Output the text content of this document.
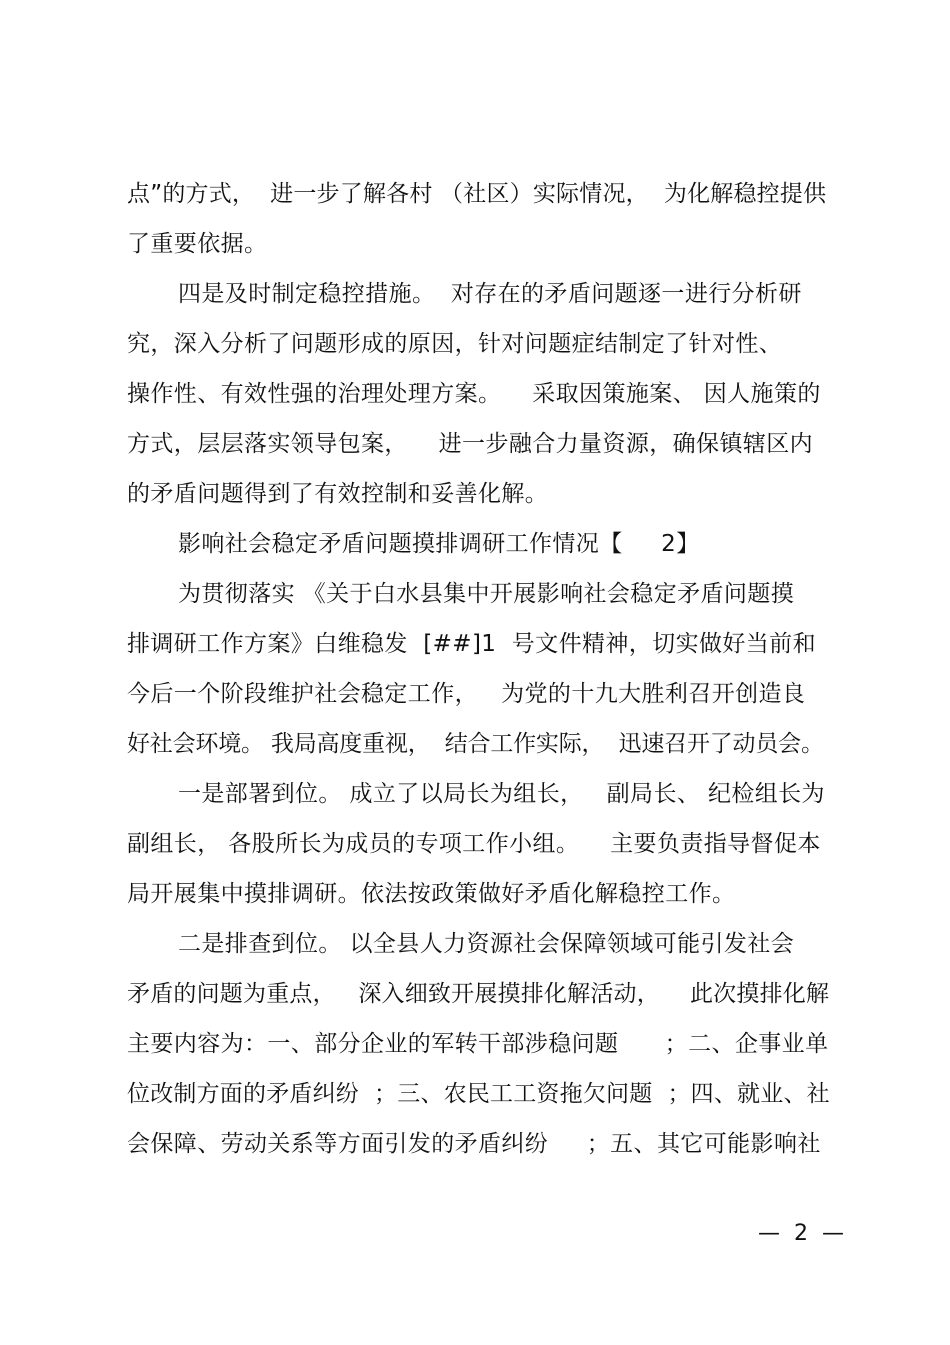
点”的方式，  进一步了解各村 （社区）实际情况，  为化解稳控提供
了重要依据。
四是及时制定稳控措施。  对存在的矛盾问题逐一进行分析研
究，深入分析了问题形成的原因，针对问题症结制定了针对性、
操作性、有效性强的治理处理方案。    采取因策施案、 因人施策的
方式，层层落实领导包案，    进一步融合力量资源，确保镇辖区内
的矛盾问题得到了有效控制和妥善化解。
影响社会稳定矛盾问题摸排调研工作情况【     2】
为贯彻落实 《关于白水县集中开展影响社会稳定矛盾问题摸
排调研工作方案》白维稳发  [##]1  号文件精神，切实做好当前和
今后一个阶段维护社会稳定工作，   为党的十九大胜利召开创造良
好社会环境。 我局高度重视，  结合工作实际，  迅速召开了动员会。
一是部署到位。 成立了以局长为组长，   副局长、 纪检组长为
副组长， 各股所长为成员的专项工作小组。    主要负责指导督促本
局开展集中摸排调研。依法按政策做好矛盾化解稳控工作。
二是排查到位。 以全县人力资源社会保障领域可能引发社会
矛盾的问题为重点，   深入细致开展摸排化解活动，    此次摸排化解
主要内容为：一、部分企业的军转干部涉稳问题      ；二、企事业单
位改制方面的矛盾纠纷  ；三、农民工工资拖欠问题  ；四、就业、社
会保障、劳动关系等方面引发的矛盾纠纷     ；五、其它可能影响社
—  2  —
